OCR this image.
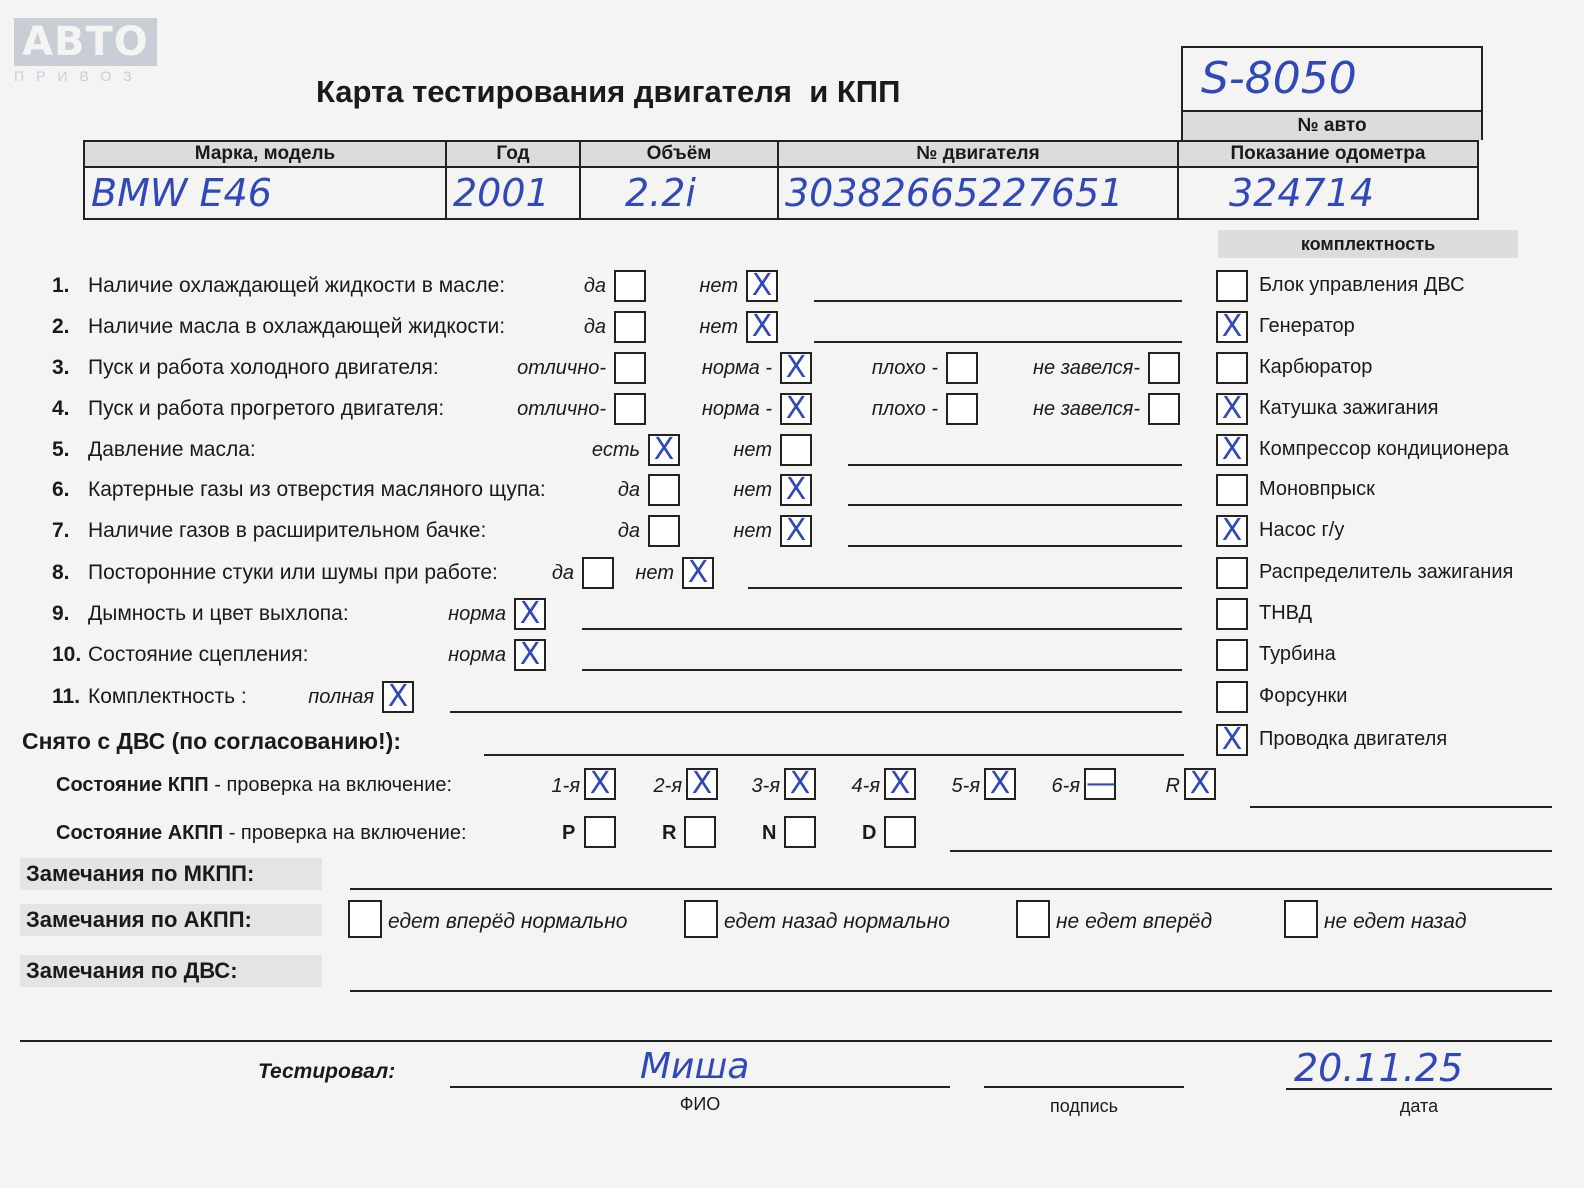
АВТО
ПРИВОЗ	Карта тестирования двигателя  и КПП	S-8050
№ авто
Марка, модель	Год	Объём	№ двигателя	Показание одометра
BMW E46	2001	2.2i	30382665227651	324714
комплектность
1. Наличие охлаждающей жидкости в масле:	да	нет X
2. Наличие масла в охлаждающей жидкости:	да	нет X
3. Пуск и работа холодного двигателя:	отлично-	норма - X	плохо -	не завелся-
4. Пуск и работа прогретого двигателя:	отлично-	норма - X	плохо -	не завелся-
5. Давление масла:	есть X	нет
6. Картерные газы из отверстия масляного щупа:	да	нет X
7. Наличие газов в расширительном бачке:	да	нет X
8. Посторонние стуки или шумы при работе:	да	нет X
9. Дымность и цвет выхлопа:	норма X
10. Состояние сцепления:	норма X
11. Комплектность :	полная X
Блок управления ДВС
X Генератор
Карбюратор
X Катушка зажигания
X Компрессор кондиционера
Моновпрыск
X Насос г/у
Распределитель зажигания
ТНВД
Турбина
Форсунки
X Проводка двигателя
Снято с ДВС (по согласованию!):
Состояние КПП - проверка на включение:	1-я X	2-я X	3-я X	4-я X	5-я X	6-я —	R X
Состояние АКПП - проверка на включение:	P	R	N	D
Замечания по МКПП:
Замечания по АКПП:	едет вперёд нормально	едет назад нормально	не едет вперёд	не едет назад
Замечания по ДВС:
Тестировал:	Миша
ФИО	подпись
20.11.25
дата
